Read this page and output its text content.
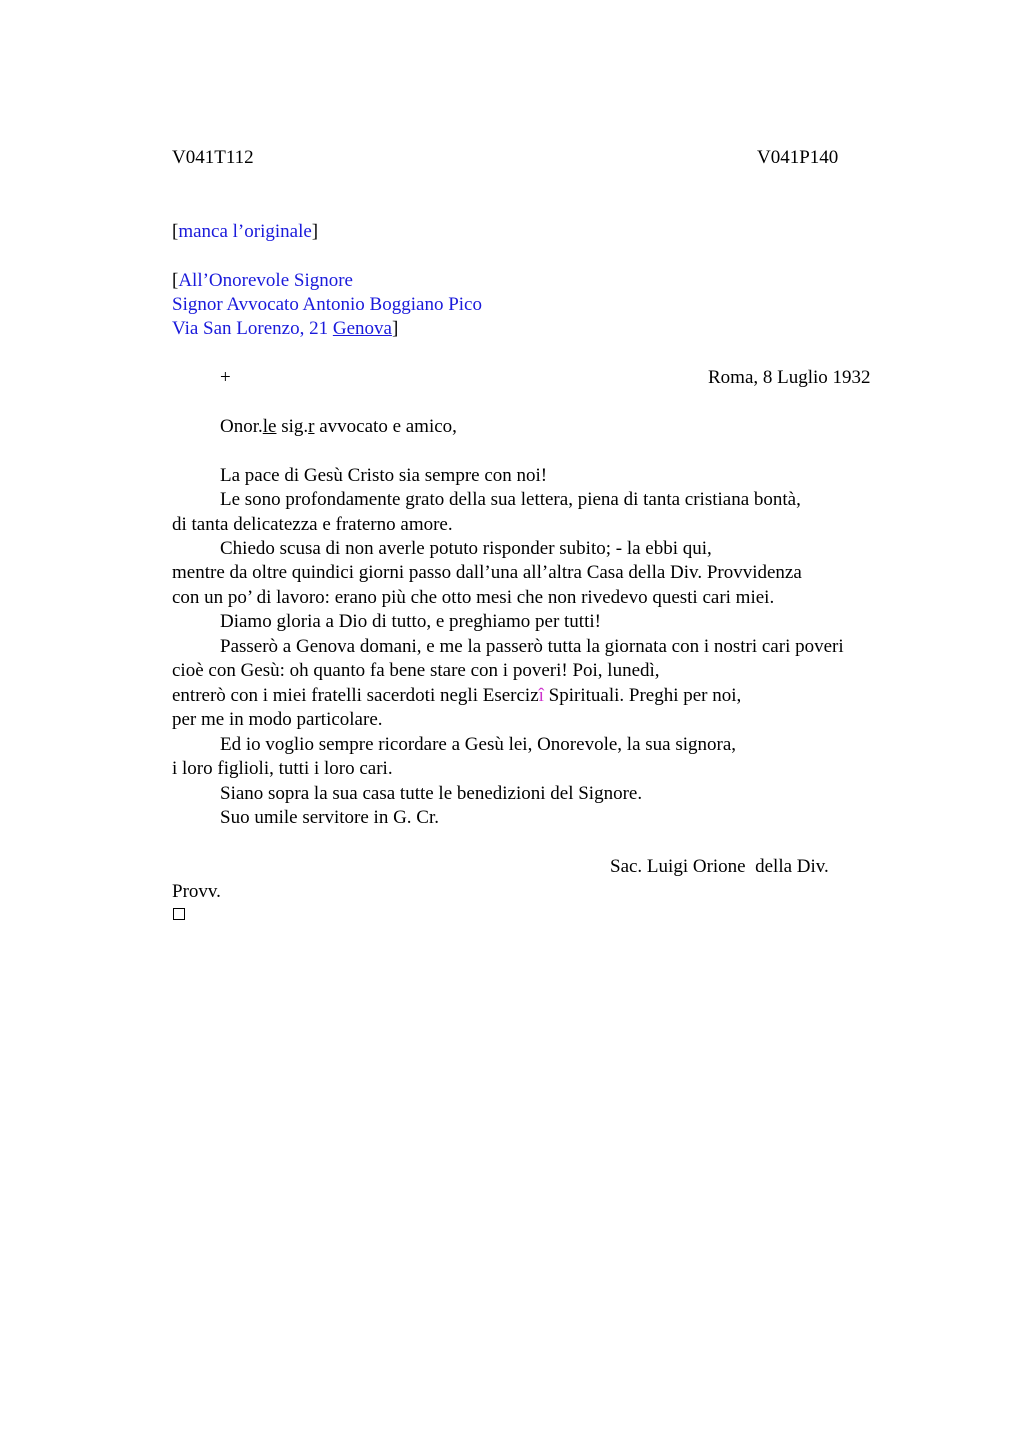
V041T112	V041P140
[manca l’originale]
[All’Onorevole Signore
Signor Avvocato Antonio Boggiano Pico
Via San Lorenzo, 21 Genova]
+	Roma, 8 Luglio 1932
Onor.le sig.r avvocato e amico,
La pace di Gesù Cristo sia sempre con noi!
Le sono profondamente grato della sua lettera, piena di tanta cristiana bontà,
di tanta delicatezza e fraterno amore.
Chiedo scusa di non averle potuto risponder subito; - la ebbi qui,
mentre da oltre quindici giorni passo dall’una all’altra Casa della Div. Provvidenza
con un po’ di lavoro: erano più che otto mesi che non rivedevo questi cari miei.
Diamo gloria a Dio di tutto, e preghiamo per tutti!
Passerò a Genova domani, e me la passerò tutta la giornata con i nostri cari poveri
cioè con Gesù: oh quanto fa bene stare con i poveri! Poi, lunedì,
entrerò con i miei fratelli sacerdoti negli Esercizî Spirituali. Preghi per noi,
per me in modo particolare.
Ed io voglio sempre ricordare a Gesù lei, Onorevole, la sua signora,
i loro figlioli, tutti i loro cari.
Siano sopra la sua casa tutte le benedizioni del Signore.
Suo umile servitore in G. Cr.
Sac. Luigi Orione  della Div.
Provv.
